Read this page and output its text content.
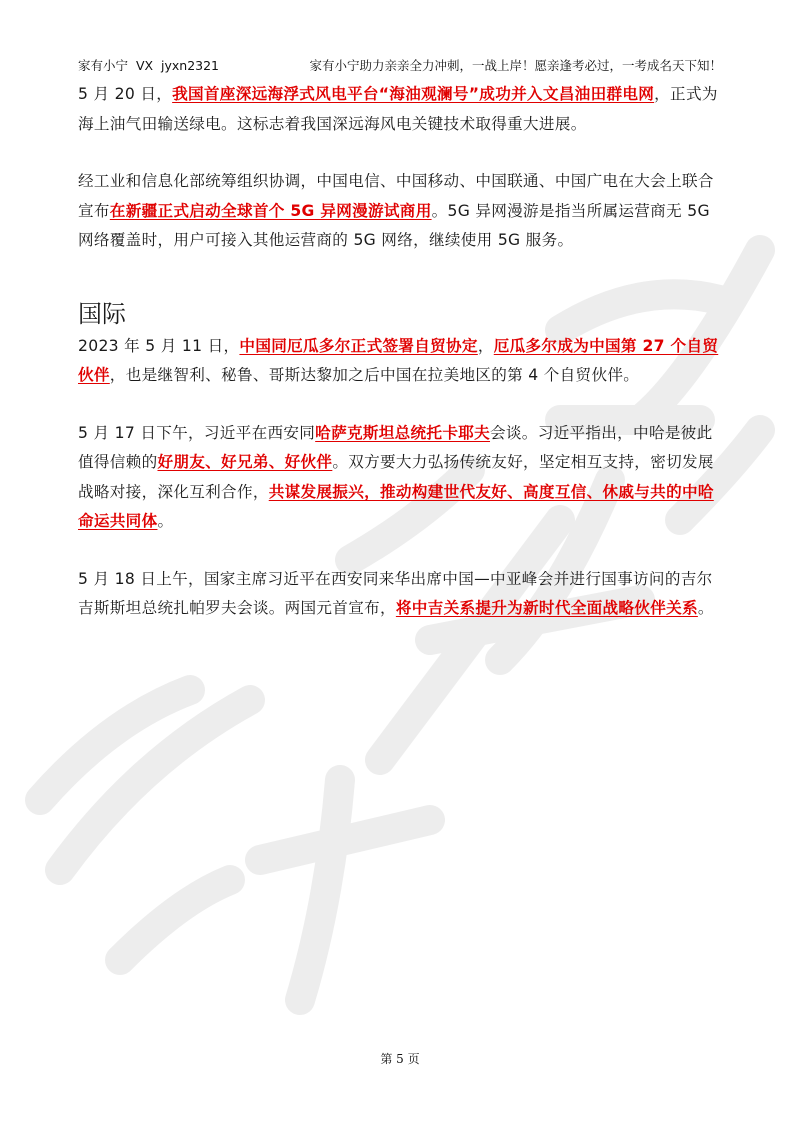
家有小宁  VX  jyxn2321	家有小宁助力亲亲全力冲刺，一战上岸！愿亲逢考必过，一考成名天下知！

5 月 20 日，我国首座深远海浮式风电平台“海油观澜号”成功并入文昌油田群电网，正式为海上油气田输送绿电。这标志着我国深远海风电关键技术取得重大进展。

经工业和信息化部统筹组织协调，中国电信、中国移动、中国联通、中国广电在大会上联合宣布在新疆正式启动全球首个 5G 异网漫游试商用。5G 异网漫游是指当所属运营商无 5G 网络覆盖时，用户可接入其他运营商的 5G 网络，继续使用 5G 服务。

国际

2023 年 5 月 11 日，中国同厄瓜多尔正式签署自贸协定，厄瓜多尔成为中国第 27 个自贸伙伴，也是继智利、秘鲁、哥斯达黎加之后中国在拉美地区的第 4 个自贸伙伴。

5 月 17 日下午，习近平在西安同哈萨克斯坦总统托卡耶夫会谈。习近平指出，中哈是彼此值得信赖的好朋友、好兄弟、好伙伴。双方要大力弘扬传统友好，坚定相互支持，密切发展战略对接，深化互利合作，共谋发展振兴，推动构建世代友好、高度互信、休戚与共的中哈命运共同体。

5 月 18 日上午，国家主席习近平在西安同来华出席中国—中亚峰会并进行国事访问的吉尔吉斯斯坦总统扎帕罗夫会谈。两国元首宣布，将中吉关系提升为新时代全面战略伙伴关系。

第 5 页
